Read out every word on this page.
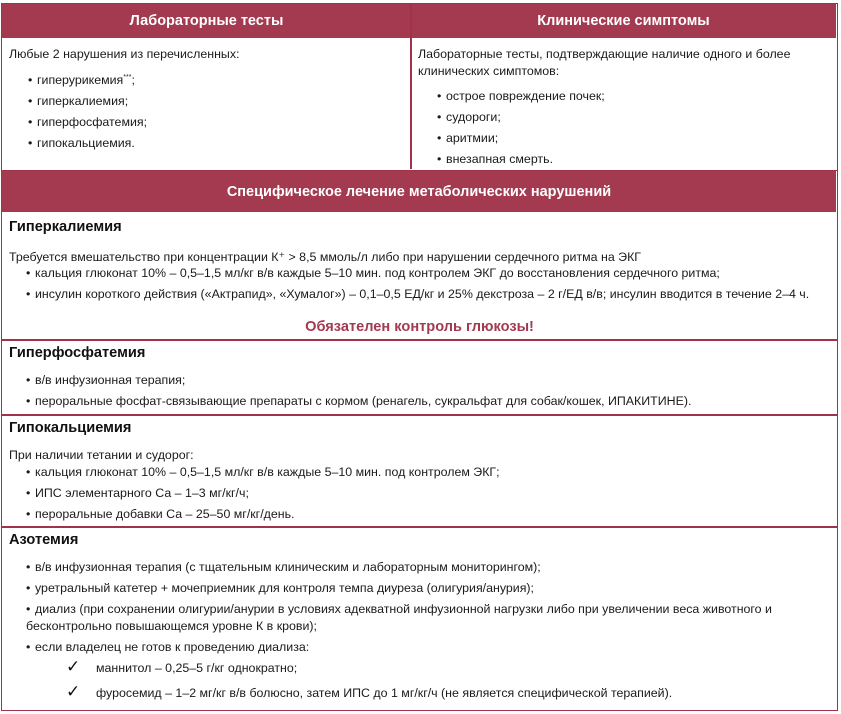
Лабораторные тесты	Клинические симптомы
Любые 2 нарушения из перечисленных:
• гиперурикемия***;
• гиперкалиемия;
• гиперфосфатемия;
• гипокальциемия.
Лабораторные тесты, подтверждающие наличие одного и более
клинических симптомов:
• острое повреждение почек;
• судороги;
• аритмии;
• внезапная смерть.
Специфическое лечение метаболических нарушений
Гиперкалиемия
Требуется вмешательство при концентрации К⁺ > 8,5 ммоль/л либо при нарушении сердечного ритма на ЭКГ
• кальция глюконат 10% – 0,5–1,5 мл/кг в/в каждые 5–10 мин. под контролем ЭКГ до восстановления сердечного ритма;
• инсулин короткого действия («Актрапид», «Хумалог») – 0,1–0,5 ЕД/кг и 25% декстроза – 2 г/ЕД в/в; инсулин вводится в течение 2–4 ч.
Обязателен контроль глюкозы!
Гиперфосфатемия
• в/в инфузионная терапия;
• пероральные фосфат-связывающие препараты с кормом (ренагель, сукральфат для собак/кошек, ИПАКИТИНЕ).
Гипокальциемия
При наличии тетании и судорог:
• кальция глюконат 10% – 0,5–1,5 мл/кг в/в каждые 5–10 мин. под контролем ЭКГ;
• ИПС элементарного Са – 1–3 мг/кг/ч;
• пероральные добавки Са – 25–50 мг/кг/день.
Азотемия
• в/в инфузионная терапия (с тщательным клиническим и лабораторным мониторингом);
• уретральный катетер + мочеприемник для контроля темпа диуреза (олигурия/анурия);
• диализ (при сохранении олигурии/анурии в условиях адекватной инфузионной нагрузки либо при увеличении веса животного и
бесконтрольно повышающемся уровне К в крови);
• если владелец не готов к проведению диализа:
✓ маннитол – 0,25–5 г/кг однократно;
✓ фуросемид – 1–2 мг/кг в/в болюсно, затем ИПС до 1 мг/кг/ч (не является специфической терапией).
